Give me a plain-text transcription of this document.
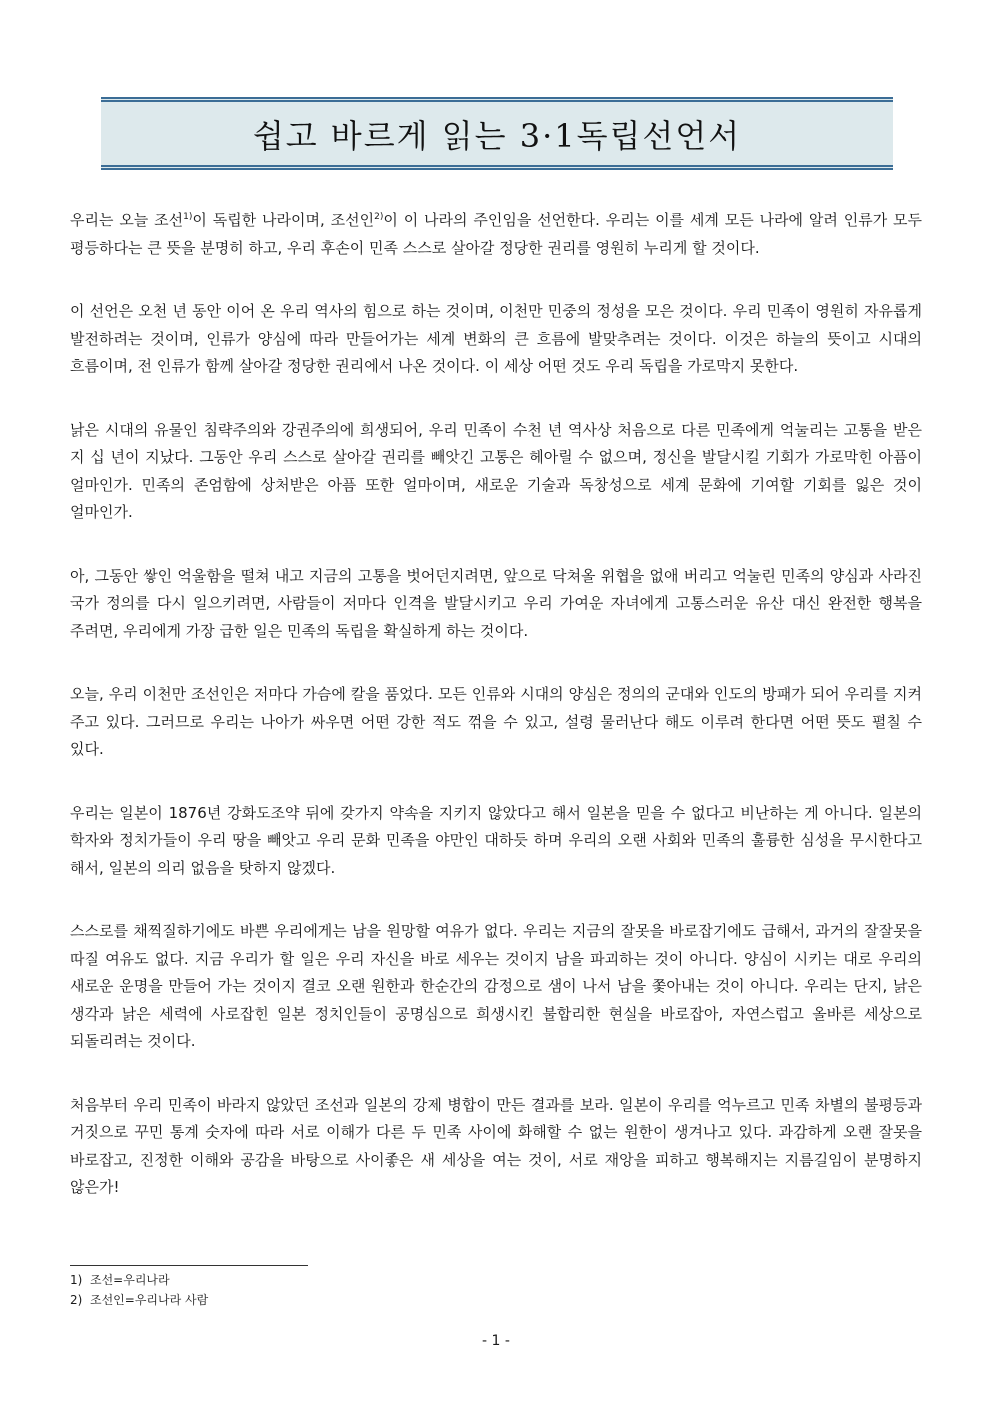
쉽고 바르게 읽는 3·1독립선언서

우리는 오늘 조선$^{1)}$이 독립한 나라이며, 조선인$^{2)}$이 이 나라의 주인임을 선언한다. 우리는 이를 세계 모든 나라에 알려 인류가 모두 평등하다는 큰 뜻을 분명히 하고, 우리 후손이 민족 스스로 살아갈 정당한 권리를 영원히 누리게 할 것이다.

이 선언은 오천 년 동안 이어 온 우리 역사의 힘으로 하는 것이며, 이천만 민중의 정성을 모은 것이다. 우리 민족이 영원히 자유롭게 발전하려는 것이며, 인류가 양심에 따라 만들어가는 세계 변화의 큰 흐름에 발맞추려는 것이다. 이것은 하늘의 뜻이고 시대의 흐름이며, 전 인류가 함께 살아갈 정당한 권리에서 나온 것이다. 이 세상 어떤 것도 우리 독립을 가로막지 못한다.

낡은 시대의 유물인 침략주의와 강권주의에 희생되어, 우리 민족이 수천 년 역사상 처음으로 다른 민족에게 억눌리는 고통을 받은 지 십 년이 지났다. 그동안 우리 스스로 살아갈 권리를 빼앗긴 고통은 헤아릴 수 없으며, 정신을 발달시킬 기회가 가로막힌 아픔이 얼마인가. 민족의 존엄함에 상처받은 아픔 또한 얼마이며, 새로운 기술과 독창성으로 세계 문화에 기여할 기회를 잃은 것이 얼마인가.

아, 그동안 쌓인 억울함을 떨쳐 내고 지금의 고통을 벗어던지려면, 앞으로 닥쳐올 위협을 없애 버리고 억눌린 민족의 양심과 사라진 국가 정의를 다시 일으키려면, 사람들이 저마다 인격을 발달시키고 우리 가여운 자녀에게 고통스러운 유산 대신 완전한 행복을 주려면, 우리에게 가장 급한 일은 민족의 독립을 확실하게 하는 것이다.

오늘, 우리 이천만 조선인은 저마다 가슴에 칼을 품었다. 모든 인류와 시대의 양심은 정의의 군대와 인도의 방패가 되어 우리를 지켜 주고 있다. 그러므로 우리는 나아가 싸우면 어떤 강한 적도 꺾을 수 있고, 설령 물러난다 해도 이루려 한다면 어떤 뜻도 펼칠 수 있다.

우리는 일본이 1876년 강화도조약 뒤에 갖가지 약속을 지키지 않았다고 해서 일본을 믿을 수 없다고 비난하는 게 아니다. 일본의 학자와 정치가들이 우리 땅을 빼앗고 우리 문화 민족을 야만인 대하듯 하며 우리의 오랜 사회와 민족의 훌륭한 심성을 무시한다고 해서, 일본의 의리 없음을 탓하지 않겠다.

스스로를 채찍질하기에도 바쁜 우리에게는 남을 원망할 여유가 없다. 우리는 지금의 잘못을 바로잡기에도 급해서, 과거의 잘잘못을 따질 여유도 없다. 지금 우리가 할 일은 우리 자신을 바로 세우는 것이지 남을 파괴하는 것이 아니다. 양심이 시키는 대로 우리의 새로운 운명을 만들어 가는 것이지 결코 오랜 원한과 한순간의 감정으로 샘이 나서 남을 쫓아내는 것이 아니다. 우리는 단지, 낡은 생각과 낡은 세력에 사로잡힌 일본 정치인들이 공명심으로 희생시킨 불합리한 현실을 바로잡아, 자연스럽고 올바른 세상으로 되돌리려는 것이다.

처음부터 우리 민족이 바라지 않았던 조선과 일본의 강제 병합이 만든 결과를 보라. 일본이 우리를 억누르고 민족 차별의 불평등과 거짓으로 꾸민 통계 숫자에 따라 서로 이해가 다른 두 민족 사이에 화해할 수 없는 원한이 생겨나고 있다. 과감하게 오랜 잘못을 바로잡고, 진정한 이해와 공감을 바탕으로 사이좋은 새 세상을 여는 것이, 서로 재앙을 피하고 행복해지는 지름길임이 분명하지 않은가!

1) 조선=우리나라
2) 조선인=우리나라 사람
- 1 -
